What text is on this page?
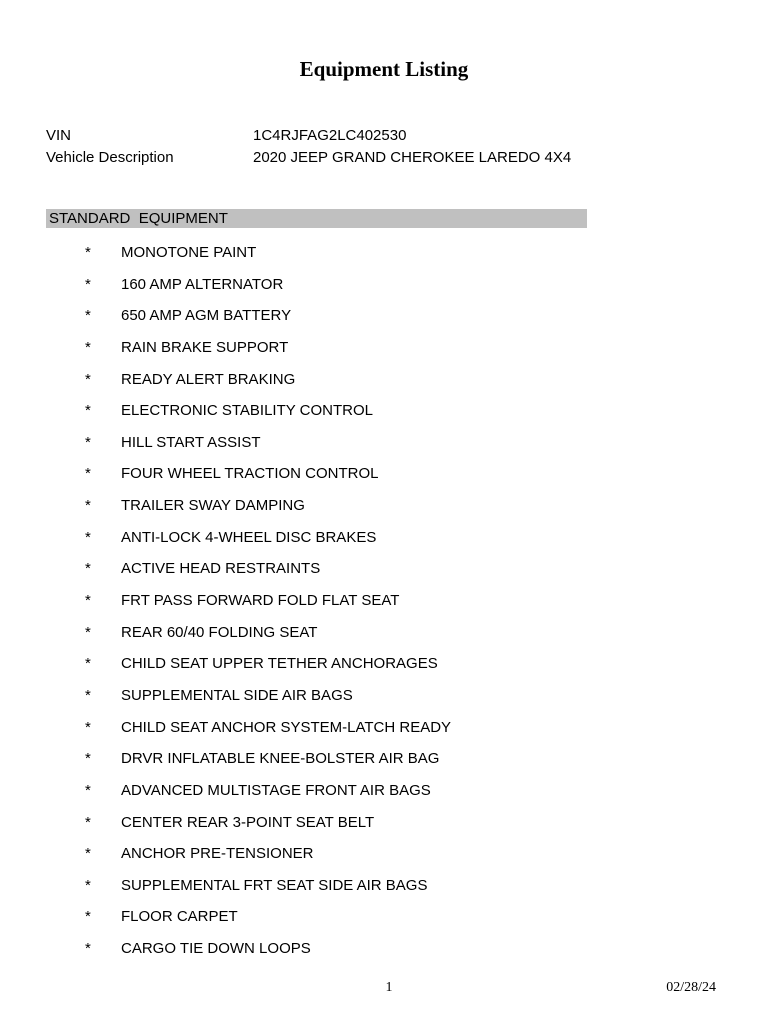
Equipment Listing
VIN	1C4RJFAG2LC402530
Vehicle Description	2020 JEEP GRAND CHEROKEE LAREDO 4X4
STANDARD  EQUIPMENT
* MONOTONE PAINT
* 160 AMP ALTERNATOR
* 650 AMP AGM BATTERY
* RAIN BRAKE SUPPORT
* READY ALERT BRAKING
* ELECTRONIC STABILITY CONTROL
* HILL START ASSIST
* FOUR WHEEL TRACTION CONTROL
* TRAILER SWAY DAMPING
* ANTI-LOCK 4-WHEEL DISC BRAKES
* ACTIVE HEAD RESTRAINTS
* FRT PASS FORWARD FOLD FLAT SEAT
* REAR 60/40 FOLDING SEAT
* CHILD SEAT UPPER TETHER ANCHORAGES
* SUPPLEMENTAL SIDE AIR BAGS
* CHILD SEAT ANCHOR SYSTEM-LATCH READY
* DRVR INFLATABLE KNEE-BOLSTER AIR BAG
* ADVANCED MULTISTAGE FRONT AIR BAGS
* CENTER REAR 3-POINT SEAT BELT
* ANCHOR PRE-TENSIONER
* SUPPLEMENTAL FRT SEAT SIDE AIR BAGS
* FLOOR CARPET
* CARGO TIE DOWN LOOPS
1	02/28/24
